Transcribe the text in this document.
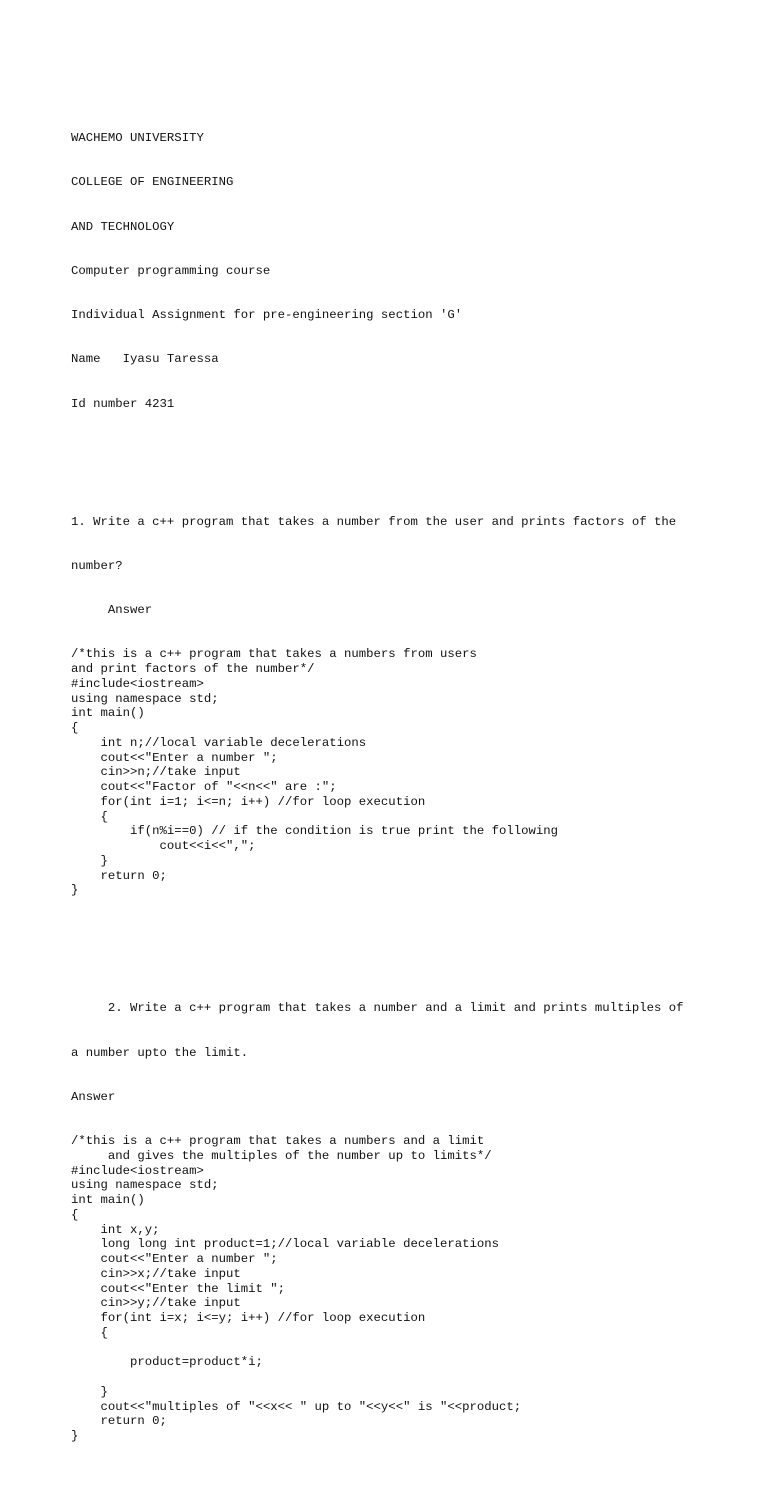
WACHEMO UNIVERSITY

COLLEGE OF ENGINEERING

AND TECHNOLOGY

Computer programming course

Individual Assignment for pre-engineering section 'G'

Name   Iyasu Taressa

Id number 4231

1. Write a c++ program that takes a number from the user and prints factors of the

number?

Answer

/*this is a c++ program that takes a numbers from users
and print factors of the number*/
#include<iostream>
using namespace std;
int main()
{
int n;//local variable decelerations
cout<<"Enter a number ";
cin>>n;//take input
cout<<"Factor of "<<n<<" are :";
for(int i=1; i<=n; i++) //for loop execution
{
if(n%i==0) // if the condition is true print the following
cout<<i<<",";
}
return 0;
}

2. Write a c++ program that takes a number and a limit and prints multiples of

a number upto the limit.

Answer

/*this is a c++ program that takes a numbers and a limit
and gives the multiples of the number up to limits*/
#include<iostream>
using namespace std;
int main()
{
int x,y;
long long int product=1;//local variable decelerations
cout<<"Enter a number ";
cin>>x;//take input
cout<<"Enter the limit ";
cin>>y;//take input
for(int i=x; i<=y; i++) //for loop execution
{
product=product*i;
}
cout<<"multiples of "<<x<< " up to "<<y<<" is "<<product;
return 0;
}
